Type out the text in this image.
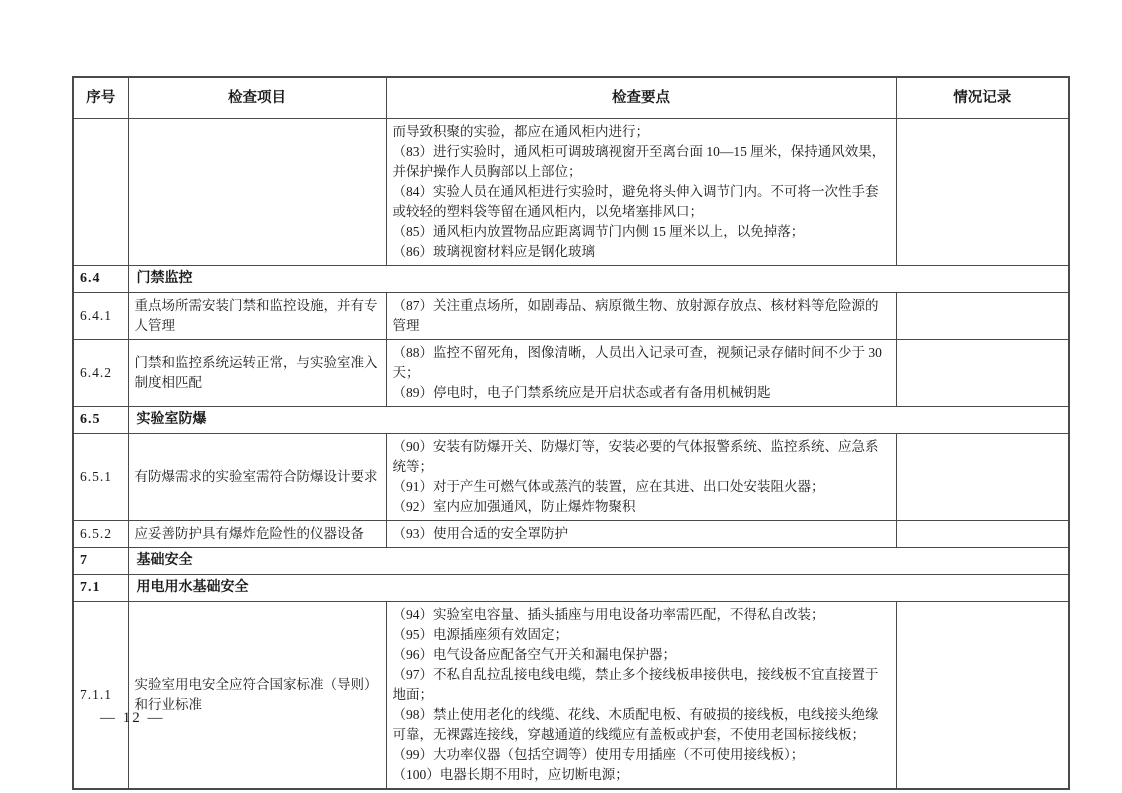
序号	检查项目	检查要点	情况记录

		而导致积聚的实验，都应在通风柜内进行；
（83）进行实验时，通风柜可调玻璃视窗开至离台面 10—15 厘米，保持通风效果，并保护操作人员胸部以上部位；
（84）实验人员在通风柜进行实验时，避免将头伸入调节门内。不可将一次性手套或较轻的塑料袋等留在通风柜内，以免堵塞排风口；
（85）通风柜内放置物品应距离调节门内侧 15 厘米以上，以免掉落；
（86）玻璃视窗材料应是钢化玻璃	

6.4	门禁监控		
6.4.1	重点场所需安装门禁和监控设施，并有专人管理	（87）关注重点场所，如剧毒品、病原微生物、放射源存放点、核材料等危险源的管理	

6.4.2	门禁和监控系统运转正常，与实验室准入制度相匹配	（88）监控不留死角，图像清晰，人员出入记录可查，视频记录存储时间不少于 30 天；
（89）停电时，电子门禁系统应是开启状态或者有备用机械钥匙	

6.5	实验室防爆		
6.5.1	有防爆需求的实验室需符合防爆设计要求	（90）安装有防爆开关、防爆灯等，安装必要的气体报警系统、监控系统、应急系统等；
（91）对于产生可燃气体或蒸汽的装置，应在其进、出口处安装阻火器；
（92）室内应加强通风，防止爆炸物聚积	

6.5.2	应妥善防护具有爆炸危险性的仪器设备	（93）使用合适的安全罩防护	

7	基础安全		
7.1	用电用水基础安全		
7.1.1	实验室用电安全应符合国家标准（导则）和行业标准	
（94）实验室电容量、插头插座与用电设备功率需匹配，不得私自改装；
（95）电源插座须有效固定；
（96）电气设备应配备空气开关和漏电保护器；
（97）不私自乱拉乱接电线电缆，禁止多个接线板串接供电，接线板不宜直接置于地面；
（98）禁止使用老化的线缆、花线、木质配电板、有破损的接线板，电线接头绝缘可靠，无裸露连接线，穿越通道的线缆应有盖板或护套，不使用老国标接线板；
（99）大功率仪器（包括空调等）使用专用插座（不可使用接线板）；
（100）电器长期不用时，应切断电源；

— 12 —
